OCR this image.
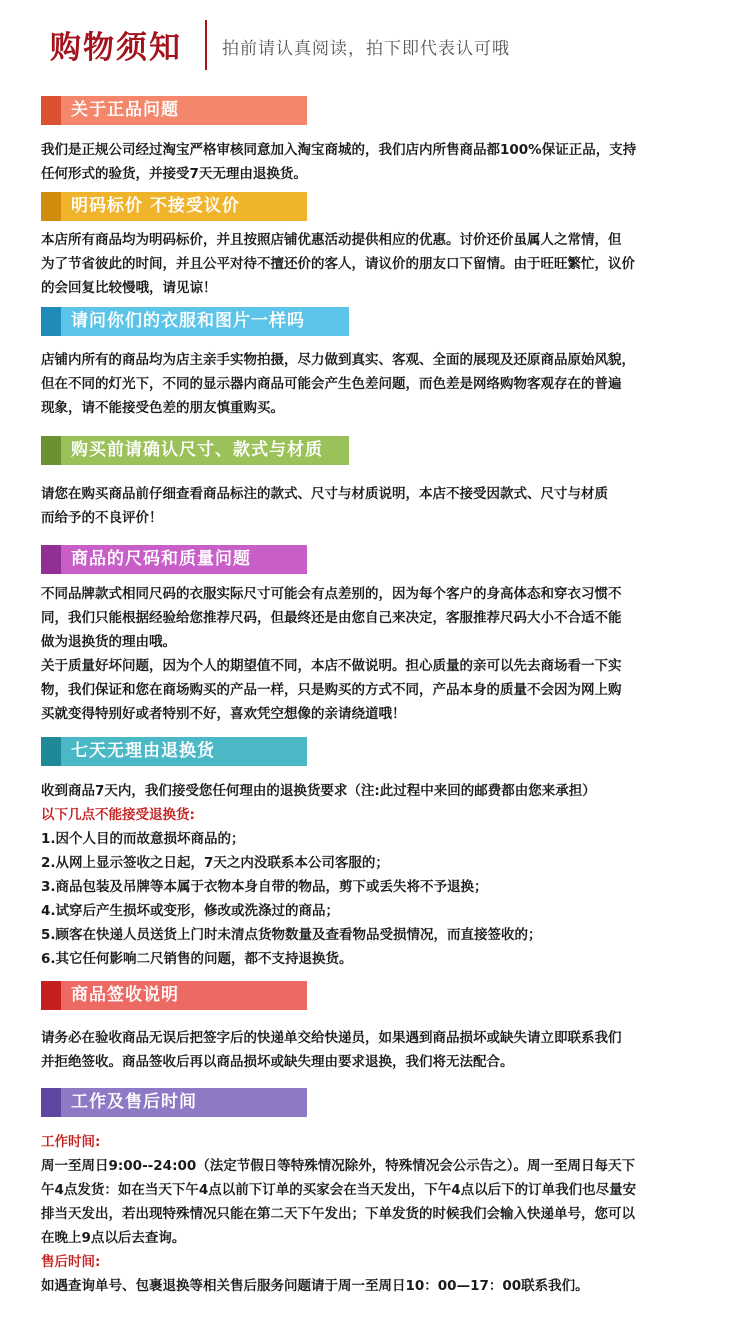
购物须知 拍前请认真阅读，拍下即代表认可哦
关于正品问题

我们是正规公司经过淘宝严格审核同意加入淘宝商城的，我们店内所售商品都100%保证正品，支持

任何形式的验货，并接受7天无理由退换货。

明码标价 不接受议价

本店所有商品均为明码标价，并且按照店铺优惠活动提供相应的优惠。讨价还价虽属人之常情，但

为了节省彼此的时间，并且公平对待不擅还价的客人，请议价的朋友口下留情。由于旺旺繁忙，议价

的会回复比较慢哦，请见谅！

请问你们的衣服和图片一样吗

店铺内所有的商品均为店主亲手实物拍摄，尽力做到真实、客观、全面的展现及还原商品原始风貌，

但在不同的灯光下，不同的显示器内商品可能会产生色差问题，而色差是网络购物客观存在的普遍

现象，请不能接受色差的朋友慎重购买。

购买前请确认尺寸、款式与材质

请您在购买商品前仔细查看商品标注的款式、尺寸与材质说明，本店不接受因款式、尺寸与材质

而给予的不良评价！

商品的尺码和质量问题

不同品牌款式相同尺码的衣服实际尺寸可能会有点差别的，因为每个客户的身高体态和穿衣习惯不

同，我们只能根据经验给您推荐尺码，但最终还是由您自己来决定，客服推荐尺码大小不合适不能

做为退换货的理由哦。

关于质量好坏问题，因为个人的期望值不同，本店不做说明。担心质量的亲可以先去商场看一下实

物，我们保证和您在商场购买的产品一样，只是购买的方式不同，产品本身的质量不会因为网上购

买就变得特别好或者特别不好，喜欢凭空想像的亲请绕道哦！

七天无理由退换货

收到商品7天内，我们接受您任何理由的退换货要求（注:此过程中来回的邮费都由您来承担）

以下几点不能接受退换货:

1.因个人目的而故意损坏商品的；

2.从网上显示签收之日起，7天之内没联系本公司客服的；

3.商品包装及吊牌等本属于衣物本身自带的物品，剪下或丢失将不予退换；

4.试穿后产生损坏或变形，修改或洗涤过的商品；

5.顾客在快递人员送货上门时未清点货物数量及查看物品受损情况，而直接签收的；

6.其它任何影响二尺销售的问题，都不支持退换货。

商品签收说明

请务必在验收商品无误后把签字后的快递单交给快递员，如果遇到商品损坏或缺失请立即联系我们

并拒绝签收。商品签收后再以商品损坏或缺失理由要求退换，我们将无法配合。

工作及售后时间

工作时间:

周一至周日9:00--24:00（法定节假日等特殊情况除外，特殊情况会公示告之）。周一至周日每天下

午4点发货：如在当天下午4点以前下订单的买家会在当天发出，下午4点以后下的订单我们也尽量安

排当天发出，若出现特殊情况只能在第二天下午发出；下单发货的时候我们会输入快递单号，您可以

在晚上9点以后去查询。

售后时间:

如遇查询单号、包裹退换等相关售后服务问题请于周一至周日10：00—17：00联系我们。
